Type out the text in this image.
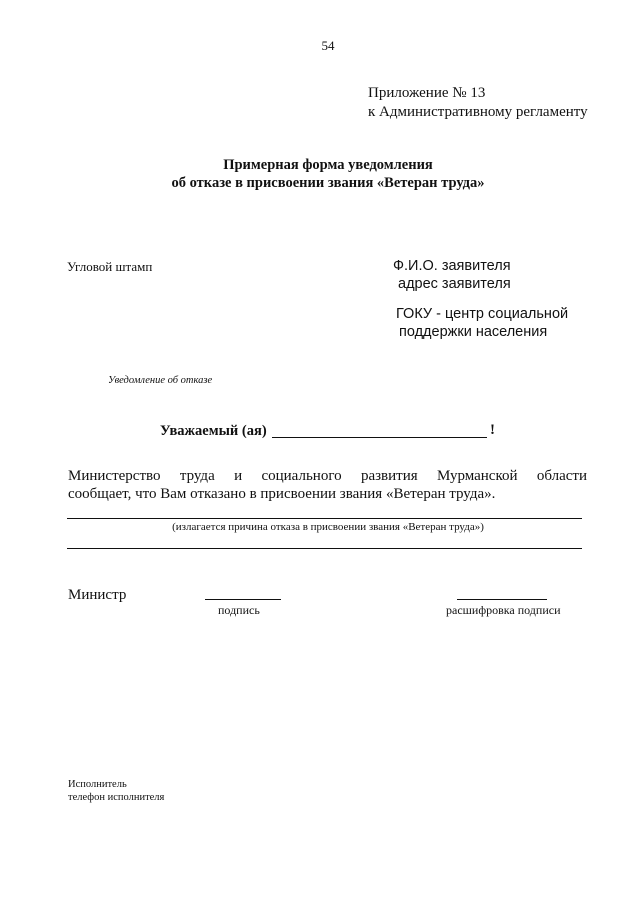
54
Приложение № 13
к Административному регламенту
Примерная форма уведомления
об отказе в присвоении звания «Ветеран труда»
Угловой штамп	Ф.И.О. заявителя
адрес заявителя
ГОКУ - центр социальной
поддержки населения
Уведомление об отказе
Уважаемый (ая)	!
Министерство труда и социального развития Мурманской области
сообщает, что Вам отказано в присвоении звания «Ветеран труда».
(излагается причина отказа в присвоении звания «Ветеран труда»)
Министр
подпись	расшифровка подписи
Исполнитель
телефон исполнителя
